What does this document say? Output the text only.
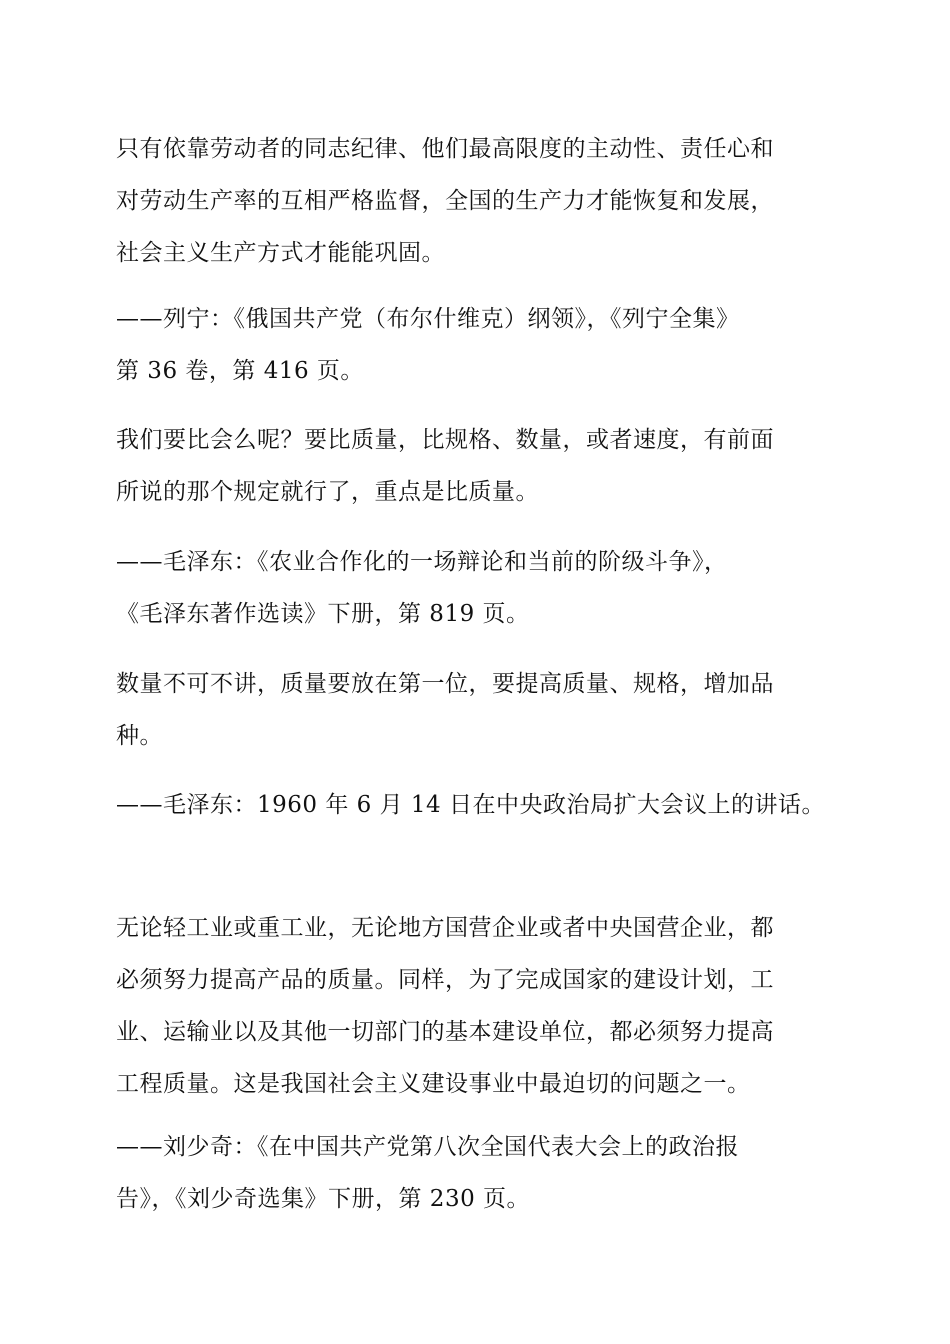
只有依靠劳动者的同志纪律、他们最高限度的主动性、责任心和
对劳动生产率的互相严格监督，全国的生产力才能恢复和发展，
社会主义生产方式才能能巩固。

——列宁：《俄国共产党（布尔什维克）纲领》，《列宁全集》
第 36 卷，第 416 页。

我们要比会么呢？要比质量，比规格、数量，或者速度，有前面
所说的那个规定就行了，重点是比质量。

——毛泽东：《农业合作化的一场辩论和当前的阶级斗争》，
《毛泽东著作选读》下册，第 819 页。

数量不可不讲，质量要放在第一位，要提高质量、规格，增加品
种。

——毛泽东：1960 年 6 月 14 日在中央政治局扩大会议上的讲话。

无论轻工业或重工业，无论地方国营企业或者中央国营企业，都
必须努力提高产品的质量。同样，为了完成国家的建设计划，工
业、运输业以及其他一切部门的基本建设单位，都必须努力提高
工程质量。这是我国社会主义建设事业中最迫切的问题之一。

——刘少奇：《在中国共产党第八次全国代表大会上的政治报
告》，《刘少奇选集》下册，第 230 页。
